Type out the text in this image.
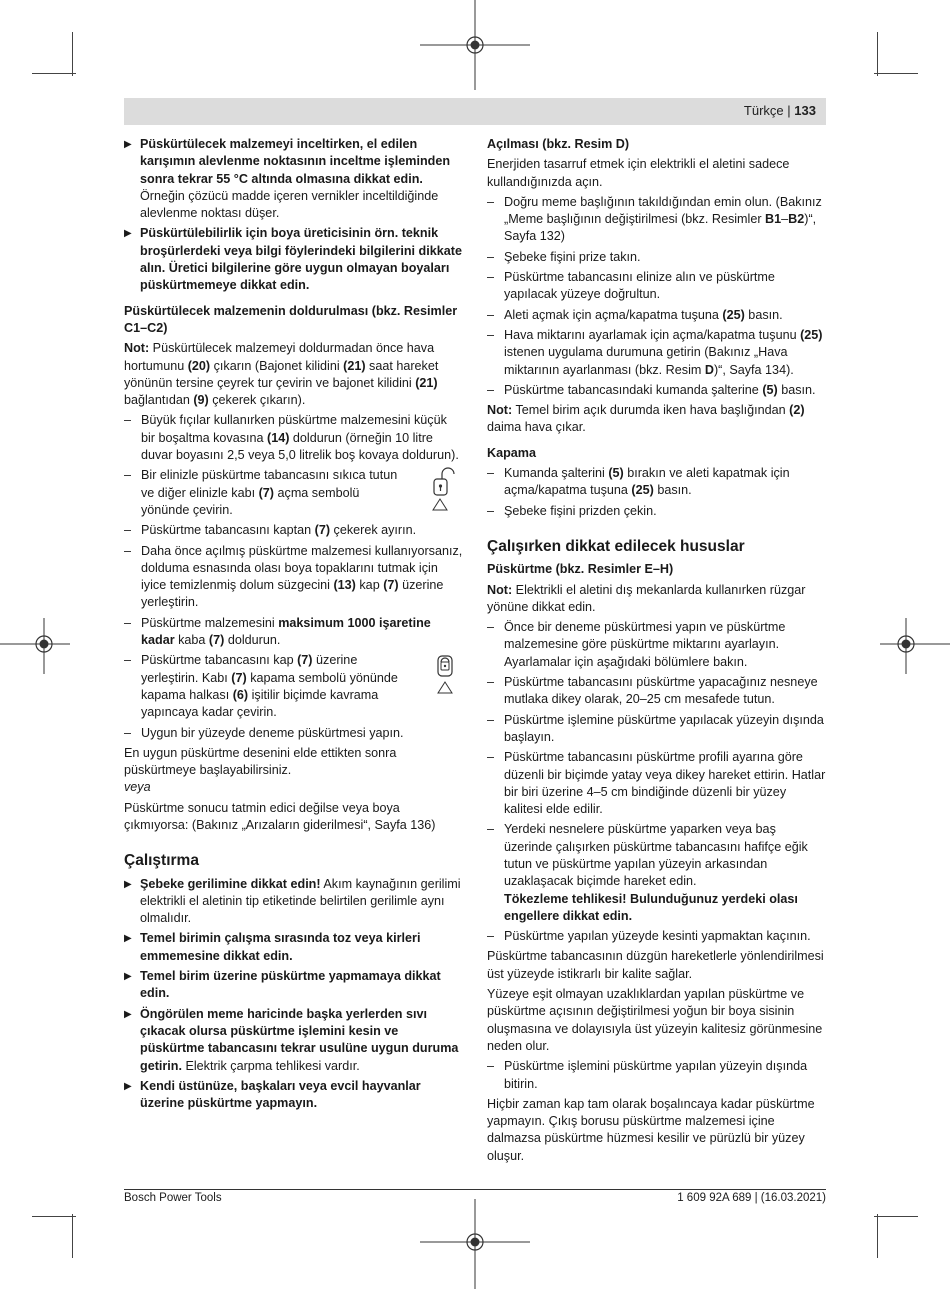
Türkçe | 133
▶ Püskürtülecek malzemeyi inceltirken, el edilen karışımın alevlenme noktasının inceltme işleminden sonra tekrar 55 °C altında olmasına dikkat edin. Örneğin çözücü madde içeren vernikler inceltildiğinde alevlenme noktası düşer.
▶ Püskürtülebilirlik için boya üreticisinin örn. teknik broşürlerdeki veya bilgi föylerindeki bilgilerini dikkate alın. Üretici bilgilerine göre uygun olmayan boyaları püskürtmemeye dikkat edin.
Püskürtülecek malzemenin doldurulması (bkz. Resimler C1–C2)
Not: Püskürtülecek malzemeyi doldurmadan önce hava hortumunu (20) çıkarın (Bajonet kilidini (21) saat hareket yönünün tersine çeyrek tur çevirin ve bajonet kilidini (21) bağlantıdan (9) çekerek çıkarın).
– Büyük fıçılar kullanırken püskürtme malzemesini küçük bir boşaltma kovasına (14) doldurun (örneğin 10 litre duvar boyasını 2,5 veya 5,0 litrelik boş kovaya doldurun).
– Bir elinizle püskürtme tabancasını sıkıca tutun ve diğer elinizle kabı (7) açma sembolü yönünde çevirin.
– Püskürtme tabancasını kaptan (7) çekerek ayırın.
– Daha önce açılmış püskürtme malzemesi kullanıyorsanız, dolduma esnasında olası boya topaklarını tutmak için iyice temizlenmiş dolum süzgecini (13) kap (7) üzerine yerleştirin.
– Püskürtme malzemesini maksimum 1000 işaretine kadar kaba (7) doldurun.
– Püskürtme tabancasını kap (7) üzerine yerleştirin. Kabı (7) kapama sembolü yönünde kapama halkası (6) işitilir biçimde kavrama yapıncaya kadar çevirin.
– Uygun bir yüzeyde deneme püskürtmesi yapın.
En uygun püskürtme desenini elde ettikten sonra püskürtmeye başlayabilirsiniz.
veya
Püskürtme sonucu tatmin edici değilse veya boya çıkmıyorsa: (Bakınız „Arızaların giderilmesi“, Sayfa 136)
Çalıştırma
▶ Şebeke gerilimine dikkat edin! Akım kaynağının gerilimi elektrikli el aletinin tip etiketinde belirtilen gerilimle aynı olmalıdır.
▶ Temel birimin çalışma sırasında toz veya kirleri emmemesine dikkat edin.
▶ Temel birim üzerine püskürtme yapmamaya dikkat edin.
▶ Öngörülen meme haricinde başka yerlerden sıvı çıkacak olursa püskürtme işlemini kesin ve püskürtme tabancasını tekrar usulüne uygun duruma getirin. Elektrik çarpma tehlikesi vardır.
▶ Kendi üstünüze, başkaları veya evcil hayvanlar üzerine püskürtme yapmayın.
Açılması (bkz. Resim D)
Enerjiden tasarruf etmek için elektrikli el aletini sadece kullandığınızda açın.
– Doğru meme başlığının takıldığından emin olun. (Bakınız „Meme başlığının değiştirilmesi (bkz. Resimler B1–B2)“, Sayfa 132)
– Şebeke fişini prize takın.
– Püskürtme tabancasını elinize alın ve püskürtme yapılacak yüzeye doğrultun.
– Aleti açmak için açma/kapatma tuşuna (25) basın.
– Hava miktarını ayarlamak için açma/kapatma tuşunu (25) istenen uygulama durumuna getirin (Bakınız „Hava miktarının ayarlanması (bkz. Resim D)“, Sayfa 134).
– Püskürtme tabancasındaki kumanda şalterine (5) basın.
Not: Temel birim açık durumda iken hava başlığından (2) daima hava çıkar.
Kapama
– Kumanda şalterini (5) bırakın ve aleti kapatmak için açma/kapatma tuşuna (25) basın.
– Şebeke fişini prizden çekin.
Çalışırken dikkat edilecek hususlar
Püskürtme (bkz. Resimler E–H)
Not: Elektrikli el aletini dış mekanlarda kullanırken rüzgar yönüne dikkat edin.
– Önce bir deneme püskürtmesi yapın ve püskürtme malzemesine göre püskürtme miktarını ayarlayın. Ayarlamalar için aşağıdaki bölümlere bakın.
– Püskürtme tabancasını püskürtme yapacağınız nesneye mutlaka dikey olarak, 20–25 cm mesafede tutun.
– Püskürtme işlemine püskürtme yapılacak yüzeyin dışında başlayın.
– Püskürtme tabancasını püskürtme profili ayarına göre düzenli bir biçimde yatay veya dikey hareket ettirin. Hatlar bir biri üzerine 4–5 cm bindiğinde düzenli bir yüzey kalitesi elde edilir.
– Yerdeki nesnelere püskürtme yaparken veya baş üzerinde çalışırken püskürtme tabancasını hafifçe eğik tutun ve püskürtme yapılan yüzeyin arkasından uzaklaşacak biçimde hareket edin.
Tökezleme tehlikesi! Bulunduğunuz yerdeki olası engellere dikkat edin.
– Püskürtme yapılan yüzeyde kesinti yapmaktan kaçının.
Püskürtme tabancasının düzgün hareketlerle yönlendirilmesi üst yüzeyde istikrarlı bir kalite sağlar.
Yüzeye eşit olmayan uzaklıklardan yapılan püskürtme ve püskürtme açısının değiştirilmesi yoğun bir boya sisinin oluşmasına ve dolayısıyla üst yüzeyin kalitesiz görünmesine neden olur.
– Püskürtme işlemini püskürtme yapılan yüzeyin dışında bitirin.
Hiçbir zaman kap tam olarak boşalıncaya kadar püskürtme yapmayın. Çıkış borusu püskürtme malzemesi içine dalmazsa püskürtme hüzmesi kesilir ve pürüzlü bir yüzey oluşur.
Bosch Power Tools	1 609 92A 689 | (16.03.2021)
